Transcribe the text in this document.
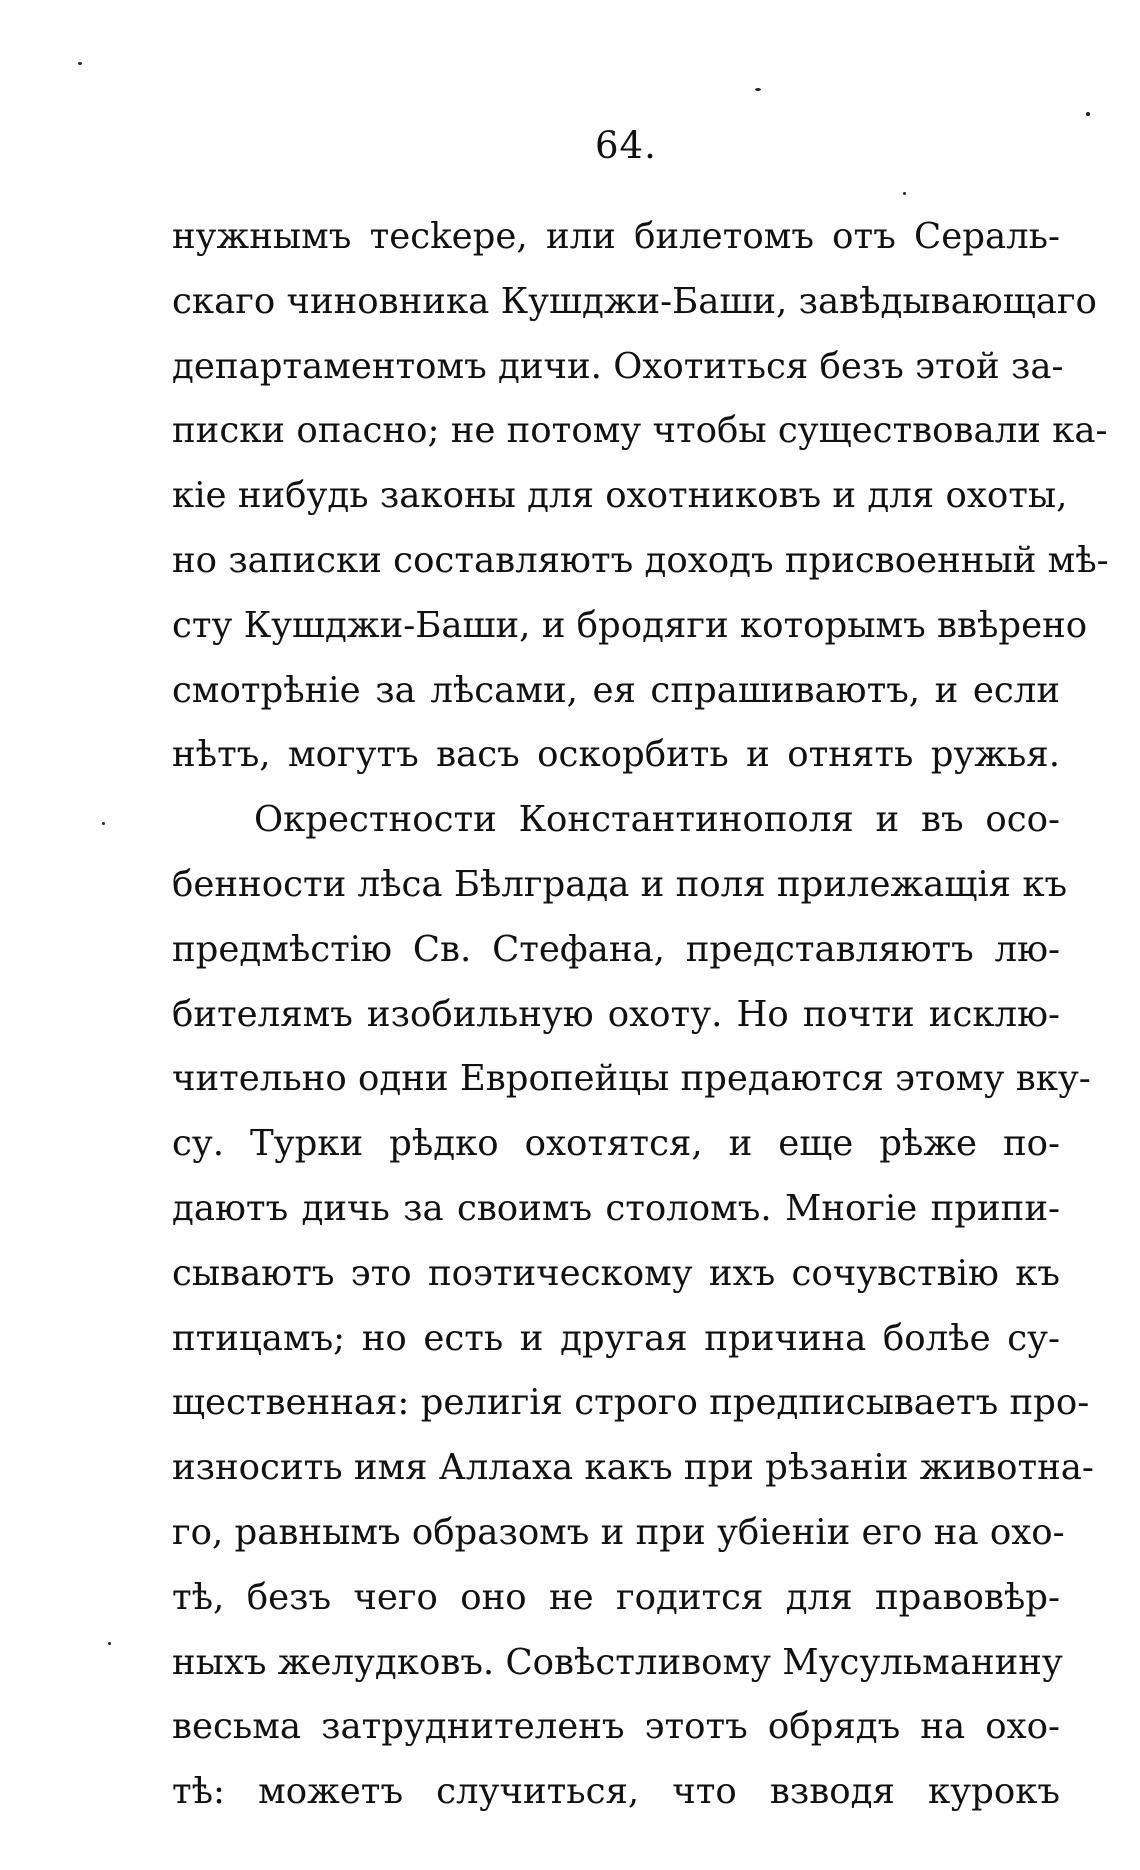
64.
нужнымъ теckере, или билетомъ отъ Сераль-
скаго чиновника Кушджи-Баши, завѣдывающаго
департаментомъ дичи. Охотиться безъ этой за-
писки опасно; не потому чтобы существовали ка-
кіе нибудь законы для охотниковъ и для охоты,
но записки составляютъ доходъ присвоенный мѣ-
сту Кушджи-Баши, и бродяги которымъ ввѣрено
смотрѣніе за лѣсами, ея спрашиваютъ, и если
нѣтъ, могутъ васъ оскорбить и отнять ружья.
Окрестности Константинополя и въ осо-
бенности лѣса Бѣлграда и поля прилежащія къ
предмѣстію Св. Стефана, представляютъ лю-
бителямъ изобильную охоту. Но почти исклю-
чительно одни Европейцы предаются этому вку-
су. Турки рѣдко охотятся, и еще рѣже по-
даютъ дичь за своимъ столомъ. Многіе припи-
сываютъ это поэтическому ихъ сочувствію къ
птицамъ; но есть и другая причина болѣе су-
щественная: религія строго предписываетъ про-
износить имя Аллаха какъ при рѣзаніи животна-
го, равнымъ образомъ и при убіеніи его на охо-
тѣ, безъ чего оно не годится для правовѣр-
ныхъ желудковъ. Совѣстливому Мусульманину
весьма затруднителенъ этотъ обрядъ на охо-
тѣ: можетъ случиться, что взводя курокъ
